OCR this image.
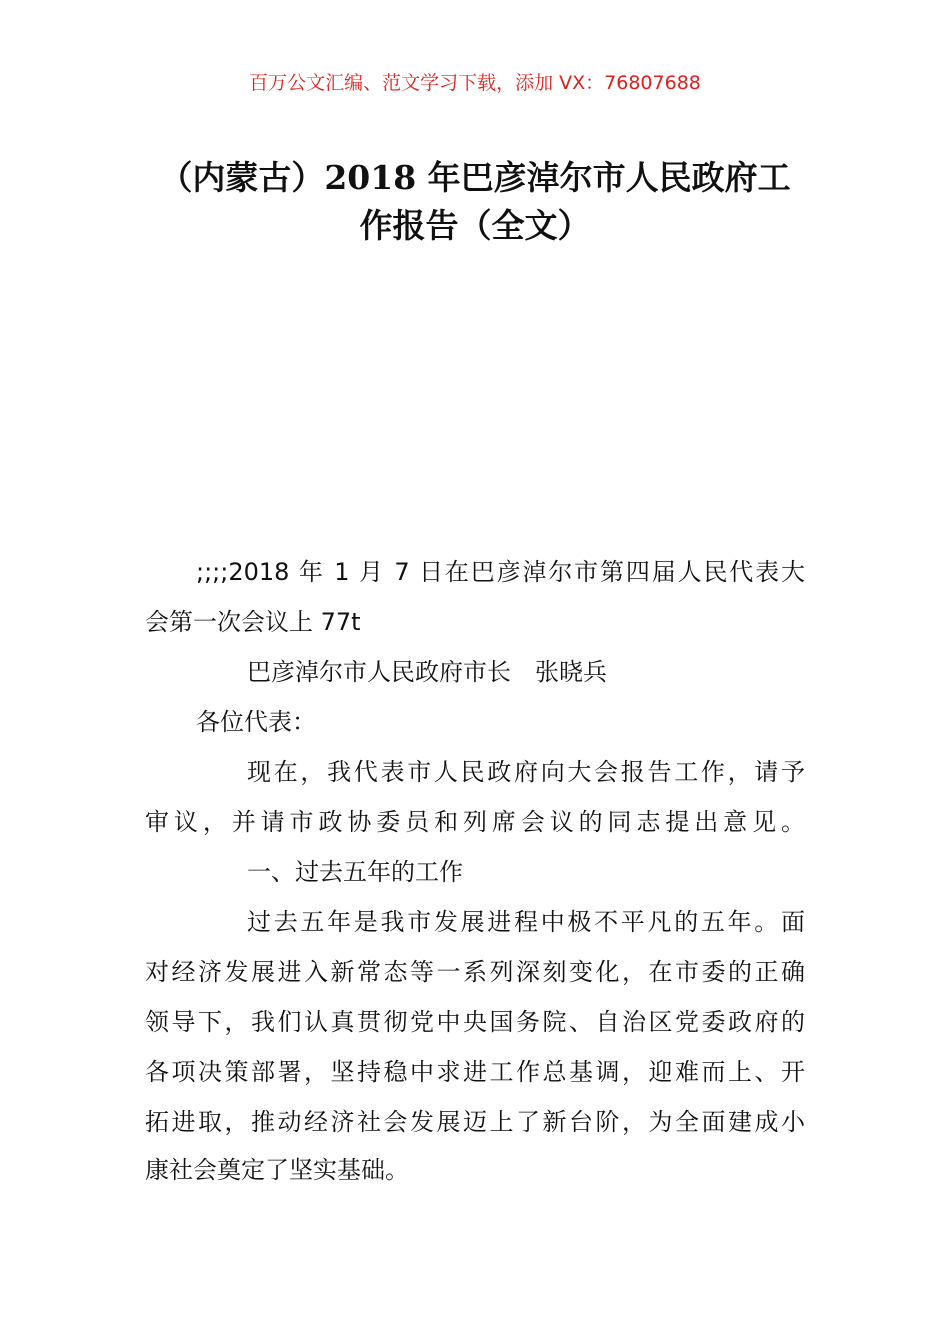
百万公文汇编、范文学习下载，添加 VX：76807688
（内蒙古）2018 年巴彦淖尔市人民政府工
作报告（全文）
;;;;2018 年 1 月 7 日在巴彦淖尔市第四届人民代表大
会第一次会议上 77t
巴彦淖尔市人民政府市长　张晓兵
各位代表：
现在，我代表市人民政府向大会报告工作，请予
审议，并请市政协委员和列席会议的同志提出意见。
一、过去五年的工作
过去五年是我市发展进程中极不平凡的五年。面
对经济发展进入新常态等一系列深刻变化，在市委的正确
领导下，我们认真贯彻党中央国务院、自治区党委政府的
各项决策部署，坚持稳中求进工作总基调，迎难而上、开
拓进取，推动经济社会发展迈上了新台阶，为全面建成小
康社会奠定了坚实基础。
